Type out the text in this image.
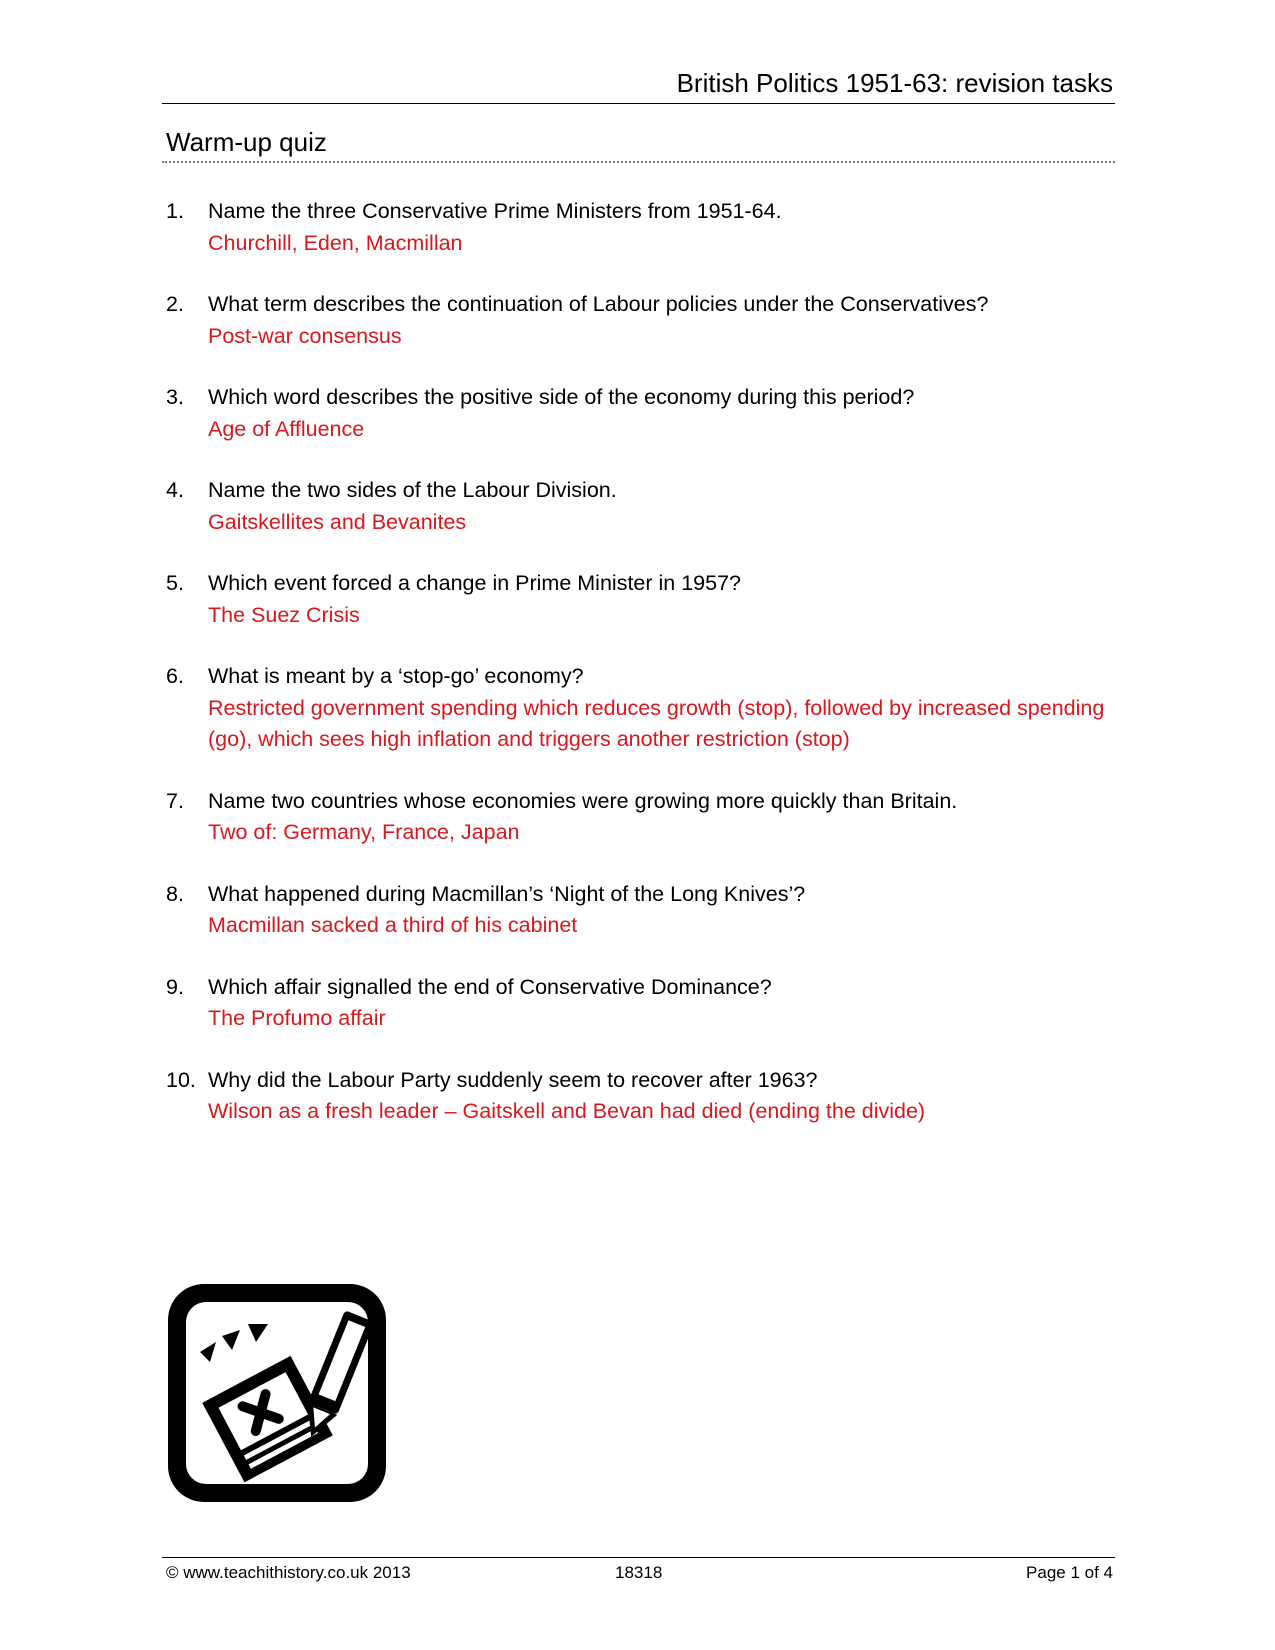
British Politics 1951-63: revision tasks
Warm-up quiz
1. Name the three Conservative Prime Ministers from 1951-64.
Churchill, Eden, Macmillan
2. What term describes the continuation of Labour policies under the Conservatives?
Post-war consensus
3. Which word describes the positive side of the economy during this period?
Age of Affluence
4. Name the two sides of the Labour Division.
Gaitskellites and Bevanites
5. Which event forced a change in Prime Minister in 1957?
The Suez Crisis
6. What is meant by a ‘stop-go’ economy?
Restricted government spending which reduces growth (stop), followed by increased spending (go), which sees high inflation and triggers another restriction (stop)
7. Name two countries whose economies were growing more quickly than Britain.
Two of: Germany, France, Japan
8. What happened during Macmillan’s ‘Night of the Long Knives’?
Macmillan sacked a third of his cabinet
9. Which affair signalled the end of Conservative Dominance?
The Profumo affair
10. Why did the Labour Party suddenly seem to recover after 1963?
Wilson as a fresh leader – Gaitskell and Bevan had died (ending the divide)
© www.teachithistory.co.uk 2013	18318	Page 1 of 4
